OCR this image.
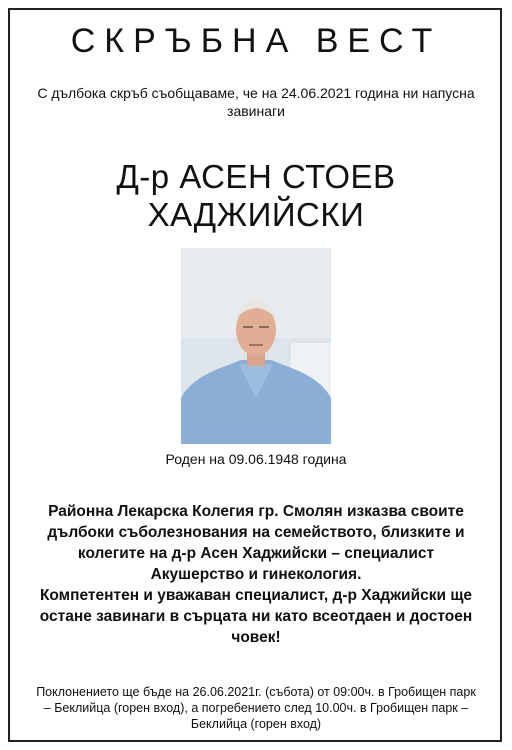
СКРЪБНА ВЕСТ
С дълбока скръб съобщаваме, че на 24.06.2021 година ни напусна
завинаги
Д-р АСЕН СТОЕВ
ХАДЖИЙСКИ
Роден на 09.06.1948 година
Районна Лекарска Колегия гр. Смолян изказва своите
дълбоки съболезнования на семейството, близките и
колегите на д-р Асен Хаджийски – специалист
Акушерство и гинекология.
Компетентен и уважаван специалист, д-р Хаджийски ще
остане завинаги в сърцата ни като всеотдаен и достоен
човек!
Поклонението ще бъде на 26.06.2021г. (събота) от 09:00ч. в Гробищен парк
– Беклийца (горен вход), а погребението след 10.00ч. в Гробищен парк –
Беклийца (горен вход)
